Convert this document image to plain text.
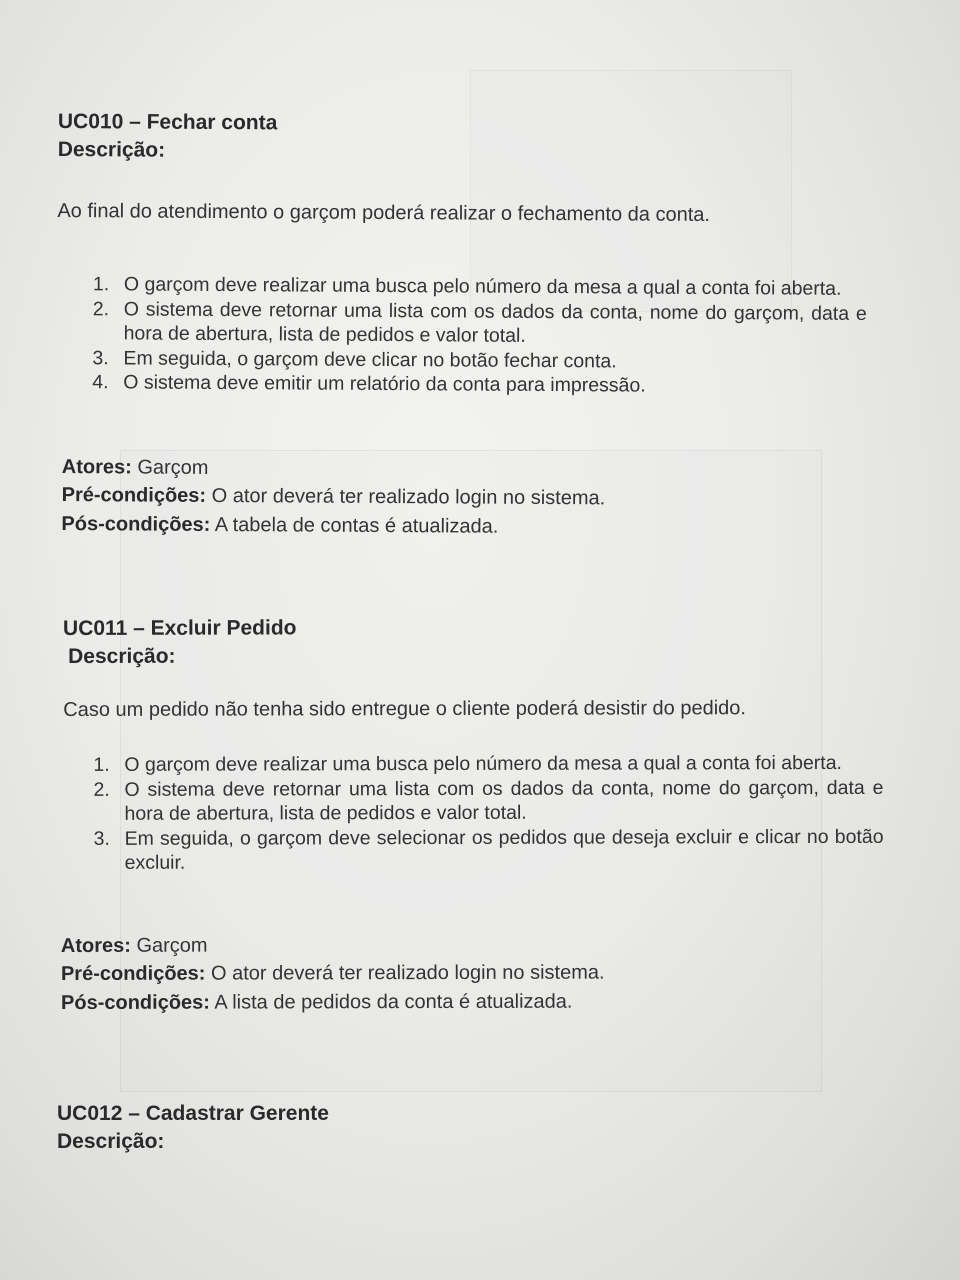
UC010 – Fechar conta
Descrição:
Ao final do atendimento o garçom poderá realizar o fechamento da conta.
1. O garçom deve realizar uma busca pelo número da mesa a qual a conta foi aberta.
2. O sistema deve retornar uma lista com os dados da conta, nome do garçom, data e hora de abertura, lista de pedidos e valor total.
3. Em seguida, o garçom deve clicar no botão fechar conta.
4. O sistema deve emitir um relatório da conta para impressão.
Atores: Garçom
Pré-condições: O ator deverá ter realizado login no sistema.
Pós-condições: A tabela de contas é atualizada.
UC011 – Excluir Pedido
Descrição:
Caso um pedido não tenha sido entregue o cliente poderá desistir do pedido.
1. O garçom deve realizar uma busca pelo número da mesa a qual a conta foi aberta.
2. O sistema deve retornar uma lista com os dados da conta, nome do garçom, data e hora de abertura, lista de pedidos e valor total.
3. Em seguida, o garçom deve selecionar os pedidos que deseja excluir e clicar no botão excluir.
Atores: Garçom
Pré-condições: O ator deverá ter realizado login no sistema.
Pós-condições: A lista de pedidos da conta é atualizada.
UC012 – Cadastrar Gerente
Descrição:
